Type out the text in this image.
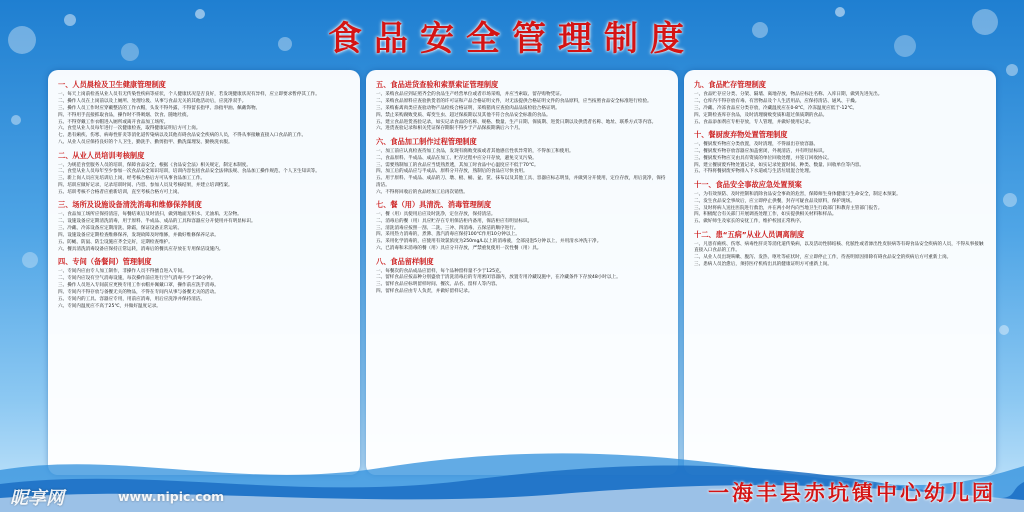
食品安全管理制度
一、人员晨检及卫生健康管理制度
一、每天上岗前检查从业人员有无传染性疾病等症状，个人健康状况是否良好，若发现健康状况有异样，应立即要求暂停其工作。
二、操作人员在上岗前以及上厕所、处理垃圾、从事与食品无关的其他活动后，应洗净双手。
三、操作人员工作时应穿戴整洁的工作衣帽，头发不得外露，不得留长指甲、涂指甲油、佩戴饰物。
四、不得用手直接抓取食品，操作时不得吸烟、饮食、随地吐痰。
五、不得穿戴工作衣帽进入厕所或离开食品加工场所。
六、食堂从业人员每年进行一次健康检查，取得健康证明后方可上岗。
七、患有痢疾、伤寒、病毒性肝炎等消化道传染病以及其他有碍食品安全疾病的人员，不得从事接触直接入口食品的工作。
八、从业人员应保持良好的个人卫生，勤洗手、勤剪指甲、勤洗澡理发、勤换洗衣服。
二、从业人员培训考核制度
一、为规范食堂服务人员的培训，保障食品安全，根据《食品安全法》相关规定，制定本制度。
二、食堂从业人员每年至少参加一次食品安全知识培训，培训内容包括食品安全法律法规、食品加工操作规范、个人卫生知识等。
三、新上岗人员应先培训后上岗，经考核合格后方可从事食品加工工作。
四、培训应做好记录，记录培训时间、内容、参加人员及考核结果，并建立培训档案。
五、培训考核不合格者应重新培训，直至考核合格方可上岗。
三、场所及设施设备清洗消毒和维修保养制度
一、食品加工场所应保持清洁，每餐结束后及时清扫，做到地面无积水、无油垢、无杂物。
二、设施设备应定期清洗消毒，用于原料、半成品、成品的工具和容器应分开使用并有明显标识。
三、冷藏、冷冻设备应定期清洗、除霜，保证设备正常运转。
四、设施设备应定期检查维修保养，发现故障及时维修，并做好维修保养记录。
五、防蝇、防鼠、防尘设施应齐全完好，定期检查维护。
六、餐具清洗消毒设备应保持正常运转，消毒后的餐具应存放在专用保洁设施内。
四、专间（备餐间）管理制度
一、专间内应由专人加工制作，非操作人员不得擅自进入专间。
二、专间内应设有空气消毒设施，每次操作前应进行空气消毒不少于30分钟。
三、操作人员进入专间前应更换专用工作衣帽并佩戴口罩，操作前应洗手消毒。
四、专间内不得存放与备餐无关的物品，不得在专间内从事与备餐无关的活动。
五、专间内的工具、容器应专用，用前应消毒，用后应洗净并保持清洁。
六、专间内温度应不高于25℃，并做好温度记录。
五、食品进货查验和索票索证管理制度
一、采购食品应到证照齐全的食品生产经营单位或者市场采购，并应当索取、留存购物凭证。
二、采购食品原料应查验供货者的许可证和产品合格证明文件，对无法提供合格证明文件的食品原料，应当按照食品安全标准进行检验。
三、采购畜禽肉类应查验动物产品检疫合格证明，采购猪肉应查验肉品品质检验合格证明。
四、禁止采购腐败变质、霉变生虫、超过保质期以及其他不符合食品安全标准的食品。
五、建立食品进货查验记录，如实记录食品的名称、规格、数量、生产日期、保质期、进货日期以及供货者名称、地址、联系方式等内容。
六、进货查验记录和相关凭证保存期限不得少于产品保质期满后六个月。
六、食品加工制作过程管理制度
一、加工前应认真检查待加工食品，发现有腐败变质或者其他感官性状异常的，不得加工和使用。
二、食品原料、半成品、成品在加工、贮存过程中应分开存放，避免交叉污染。
三、需要熟制加工的食品应当烧熟煮透，其加工时食品中心温度应不低于70℃。
四、加工后的成品应与半成品、原料分开存放，熟制后的食品应尽快食用。
五、用于原料、半成品、成品的刀、墩、板、桶、盆、筐、抹布以及其他工具、容器应标志明显，并做到分开使用，定位存放，用后洗净，保持清洁。
六、不得将回收后的食品经加工后再次销售。
七、餐（用）具清洗、消毒管理制度
一、餐（用）具使用后应及时洗净，定位存放，保持清洁。
二、消毒后的餐（用）具应贮存在专用保洁柜内备用，保洁柜应有明显标识。
三、清洗消毒应按照一刮、二洗、三冲、四消毒、五保洁的顺序进行。
四、采用热力消毒的，煮沸、蒸汽消毒应保持100℃作用10分钟以上。
五、采用化学消毒的，应使用有效氯浓度为250mg/L以上的消毒液，全部浸泡5分钟以上，并用清水冲洗干净。
六、已消毒和未消毒的餐（用）具应分开存放，严禁重复使用一次性餐（用）具。
八、食品留样制度
一、每餐次的食品成品应留样，每个品种留样量不少于125克。
二、留样食品应按品种分别盛放于清洗消毒后的专用密闭容器内，放置专用冷藏设施中，在冷藏条件下存放48小时以上。
三、留样食品应标明留样时间、餐次、品名、留样人等内容。
四、留样食品应由专人负责，并做好留样记录。
九、食品贮存管理制度
一、食品贮存应分类、分架、隔墙、离地存放，物品应标注名称、入库日期，做到先进先出。
二、仓库内不得存放有毒、有害物品及个人生活用品，应保持清洁、通风、干燥。
三、冷藏、冷冻食品应分类存放，冷藏温度应在0-8℃，冷冻温度应低于-12℃。
四、定期检查库存食品，及时清理腐败变质和超过保质期的食品。
五、食品添加剂应专柜存放，专人管理，并做好使用记录。
十、餐厨废弃物处置管理制度
一、餐厨废弃物应分类放置，及时清理，不得溢出存放容器。
二、餐厨废弃物存放容器应加盖密闭，外观清洁，并有明显标识。
三、餐厨废弃物应交由具有资质的单位回收处理，并签订回收协议。
四、建立餐厨废弃物处置记录，如实记录处置时间、种类、数量、回收单位等内容。
五、不得将餐厨废弃物排入下水道或与生活垃圾混合处理。
十一、食品安全事故应急处置预案
一、为有效预防、及时控制和消除食品安全事故的危害，保障师生身体健康与生命安全，制定本预案。
二、发生食品安全事故后，应立即停止供餐，封存可疑食品及原料，保护现场。
三、及时将病人送往医院进行救治，并在两小时内向当地卫生行政部门和教育主管部门报告。
四、积极配合有关部门开展调查处理工作，如实提供相关材料和样品。
五、做好师生及家长的安抚工作，维护校园正常秩序。
十二、患“五病”从业人员调离制度
一、凡患有痢疾、伤寒、病毒性肝炎等消化道传染病，以及活动性肺结核、化脓性或者渗出性皮肤病等有碍食品安全疾病的人员，不得从事接触直接入口食品的工作。
二、从业人员出现咳嗽、腹泻、发热、呕吐等症状时，应立即停止工作，待查明原因排除有碍食品安全的疾病后方可重新上岗。
三、患病人员治愈后，须持医疗机构出具的健康证明方可重新上岗。
昵享网	www.nipic.com	一海丰县赤坑镇中心幼儿园
